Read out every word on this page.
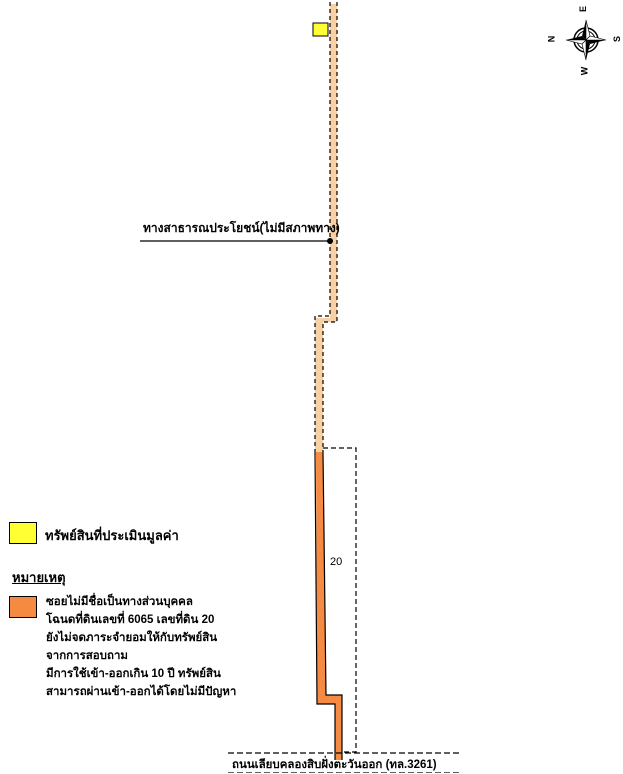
E
N	S
W
ทางสาธารณประโยชน์(ไม่มีสภาพทาง)
20
ถนนเลียบคลองสิบฝั่งตะวันออก (ทล.3261)
ทรัพย์สินที่ประเมินมูลค่า
หมายเหตุ
ซอยไม่มีชื่อเป็นทางส่วนบุคคล
โฉนดที่ดินเลขที่ 6065 เลขที่ดิน 20
ยังไม่จดภาระจำยอมให้กับทรัพย์สิน
จากการสอบถาม
มีการใช้เข้า-ออกเกิน 10 ปี ทรัพย์สิน
สามารถผ่านเข้า-ออกได้โดยไม่มีปัญหา
